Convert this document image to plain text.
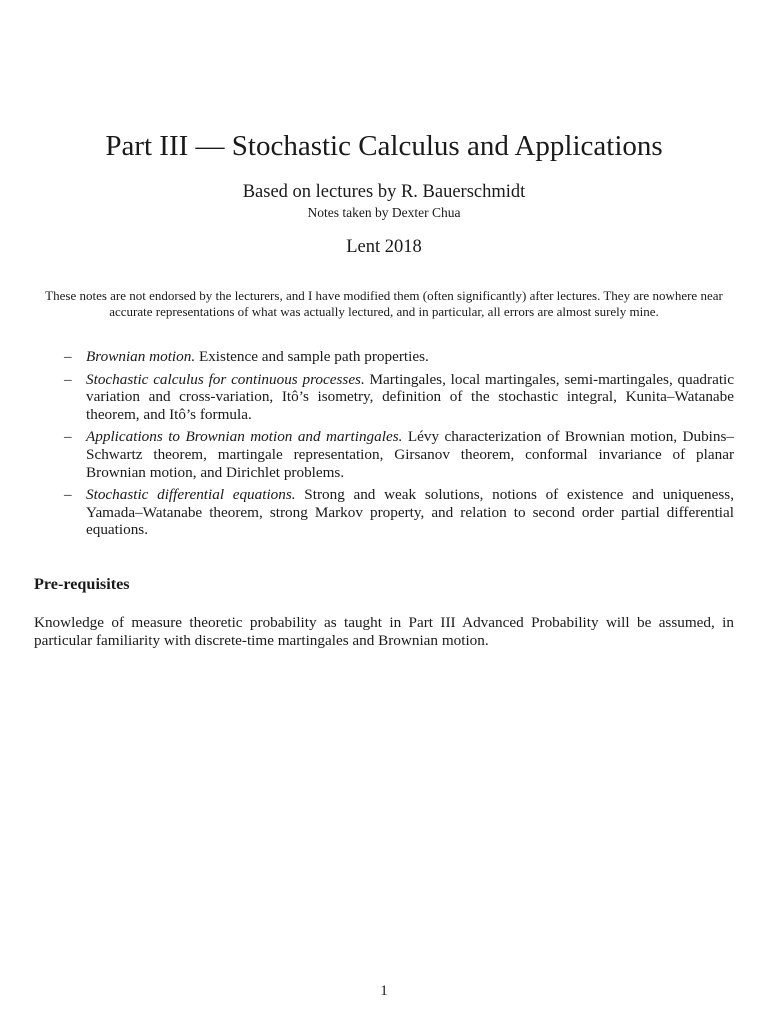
Part III — Stochastic Calculus and Applications
Based on lectures by R. Bauerschmidt
Notes taken by Dexter Chua
Lent 2018
These notes are not endorsed by the lecturers, and I have modified them (often significantly) after lectures. They are nowhere near accurate representations of what was actually lectured, and in particular, all errors are almost surely mine.
– Brownian motion. Existence and sample path properties.
– Stochastic calculus for continuous processes. Martingales, local martingales, semi-martingales, quadratic variation and cross-variation, Itô’s isometry, definition of the stochastic integral, Kunita–Watanabe theorem, and Itô’s formula.
– Applications to Brownian motion and martingales. Lévy characterization of Brownian motion, Dubins–Schwartz theorem, martingale representation, Girsanov theorem, conformal invariance of planar Brownian motion, and Dirichlet problems.
– Stochastic differential equations. Strong and weak solutions, notions of existence and uniqueness, Yamada–Watanabe theorem, strong Markov property, and relation to second order partial differential equations.
Pre-requisites

Knowledge of measure theoretic probability as taught in Part III Advanced Probability will be assumed, in particular familiarity with discrete-time martingales and Brownian motion.

1
